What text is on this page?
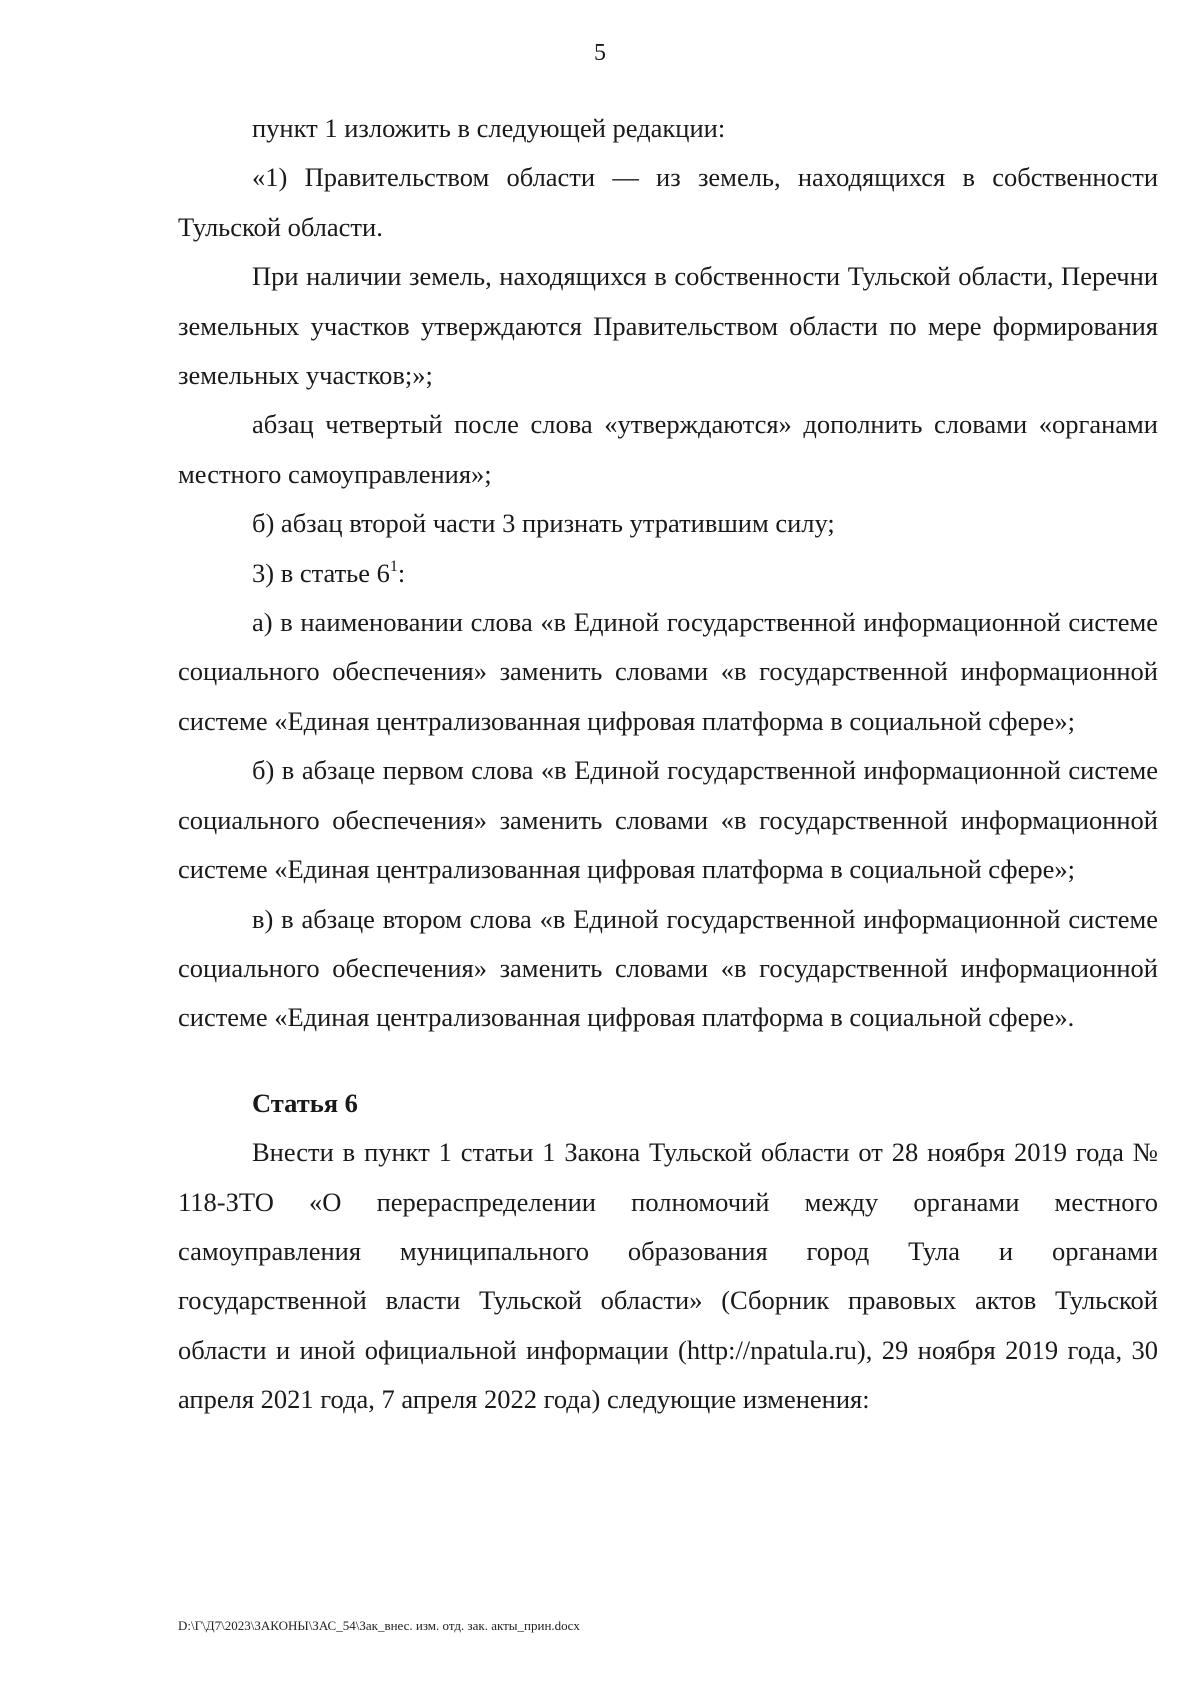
5

пункт 1 изложить в следующей редакции:

«1) Правительством области — из земель, находящихся в собственности Тульской области.

При наличии земель, находящихся в собственности Тульской области, Перечни земельных участков утверждаются Правительством области по мере формирования земельных участков;»;

абзац четвертый после слова «утверждаются» дополнить словами «органами местного самоуправления»;

б) абзац второй части 3 признать утратившим силу;

3) в статье $6^1$:

а) в наименовании слова «в Единой государственной информационной системе социального обеспечения» заменить словами «в государственной информационной системе «Единая централизованная цифровая платформа в социальной сфере»;

б) в абзаце первом слова «в Единой государственной информационной системе социального обеспечения» заменить словами «в государственной информационной системе «Единая централизованная цифровая платформа в социальной сфере»;

в) в абзаце втором слова «в Единой государственной информационной системе социального обеспечения» заменить словами «в государственной информационной системе «Единая централизованная цифровая платформа в социальной сфере».

Статья 6

Внести в пункт 1 статьи 1 Закона Тульской области от 28 ноября 2019 года № 118-ЗТО «О перераспределении полномочий между органами местного самоуправления муниципального образования город Тула и органами государственной власти Тульской области» (Сборник правовых актов Тульской области и иной официальной информации (http://npatula.ru), 29 ноября 2019 года, 30 апреля 2021 года, 7 апреля 2022 года) следующие изменения:

D:\Г\Д7\2023\ЗАКОНЫ\ЗАС_54\Зак_внес. изм. отд. зак. акты_прин.docx
